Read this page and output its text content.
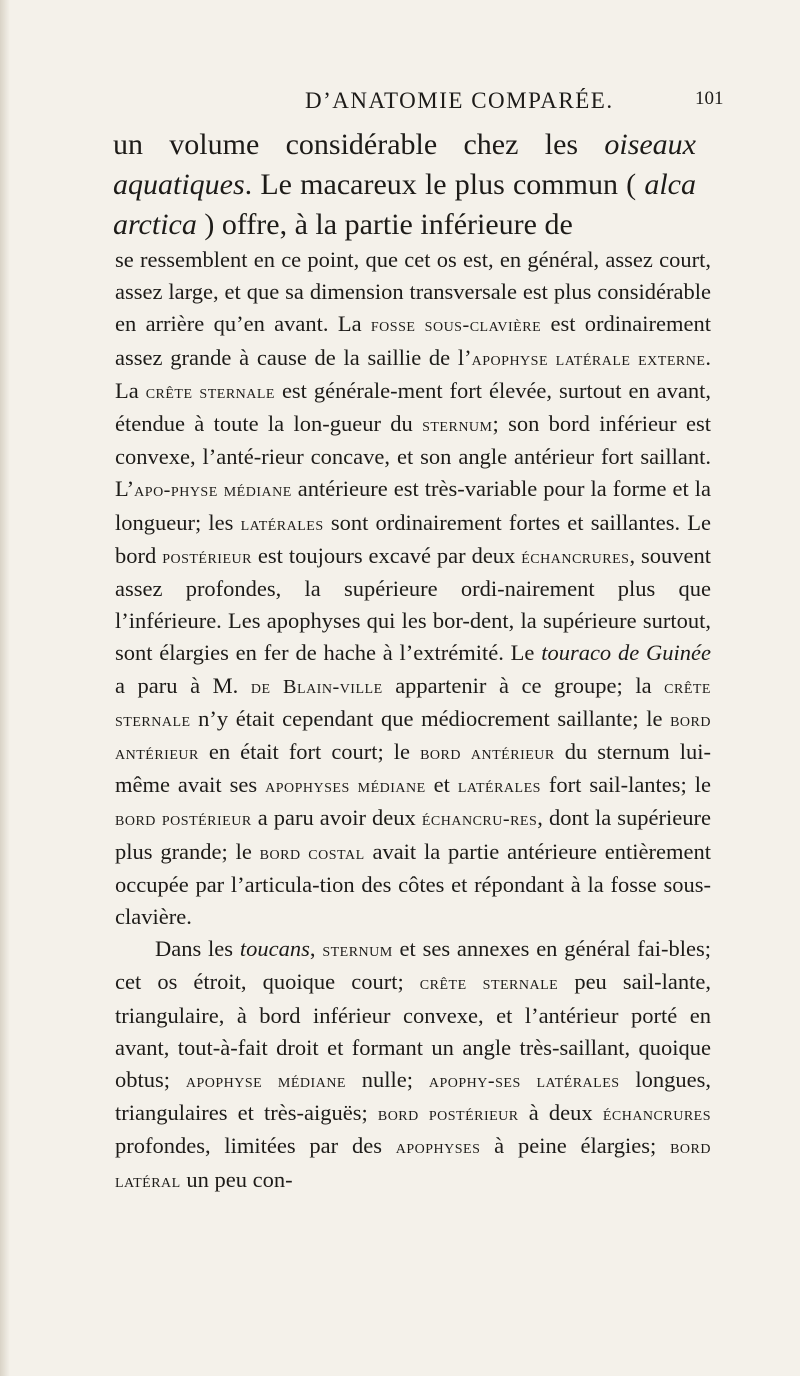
D’ANATOMIE COMPARÉE.	101
un volume considérable chez les oiseaux aquatiques. Le macareux le plus commun ( alca arctica ) offre, à la partie inférieure de

se ressemblent en ce point, que cet os est, en général, assez court, assez large, et que sa dimension transversale est plus considérable en arrière qu’en avant. La fosse sous-clavière est ordinairement assez grande à cause de la saillie de l’apophyse latérale externe. La crête sternale est générale-ment fort élevée, surtout en avant, étendue à toute la lon-gueur du sternum; son bord inférieur est convexe, l’anté-rieur concave, et son angle antérieur fort saillant. L’apo-physe médiane antérieure est très-variable pour la forme et la longueur; les latérales sont ordinairement fortes et saillantes. Le bord postérieur est toujours excavé par deux échancrures, souvent assez profondes, la supérieure ordi-nairement plus que l’inférieure. Les apophyses qui les bor-dent, la supérieure surtout, sont élargies en fer de hache à l’extrémité. Le touraco de Guinée a paru à M. de Blain-ville appartenir à ce groupe; la crête sternale n’y était cependant que médiocrement saillante; le bord antérieur en était fort court; le bord antérieur du sternum lui-même avait ses apophyses médiane et latérales fort sail-lantes; le bord postérieur a paru avoir deux échancru-res, dont la supérieure plus grande; le bord costal avait la partie antérieure entièrement occupée par l’articula-tion des côtes et répondant à la fosse sous-clavière.

Dans les toucans, sternum et ses annexes en général fai-bles; cet os étroit, quoique court; crête sternale peu sail-lante, triangulaire, à bord inférieur convexe, et l’antérieur porté en avant, tout-à-fait droit et formant un angle très-saillant, quoique obtus; apophyse médiane nulle; apophy-ses latérales longues, triangulaires et très-aiguës; bord postérieur à deux échancrures profondes, limitées par des apophyses à peine élargies; bord latéral un peu con-
